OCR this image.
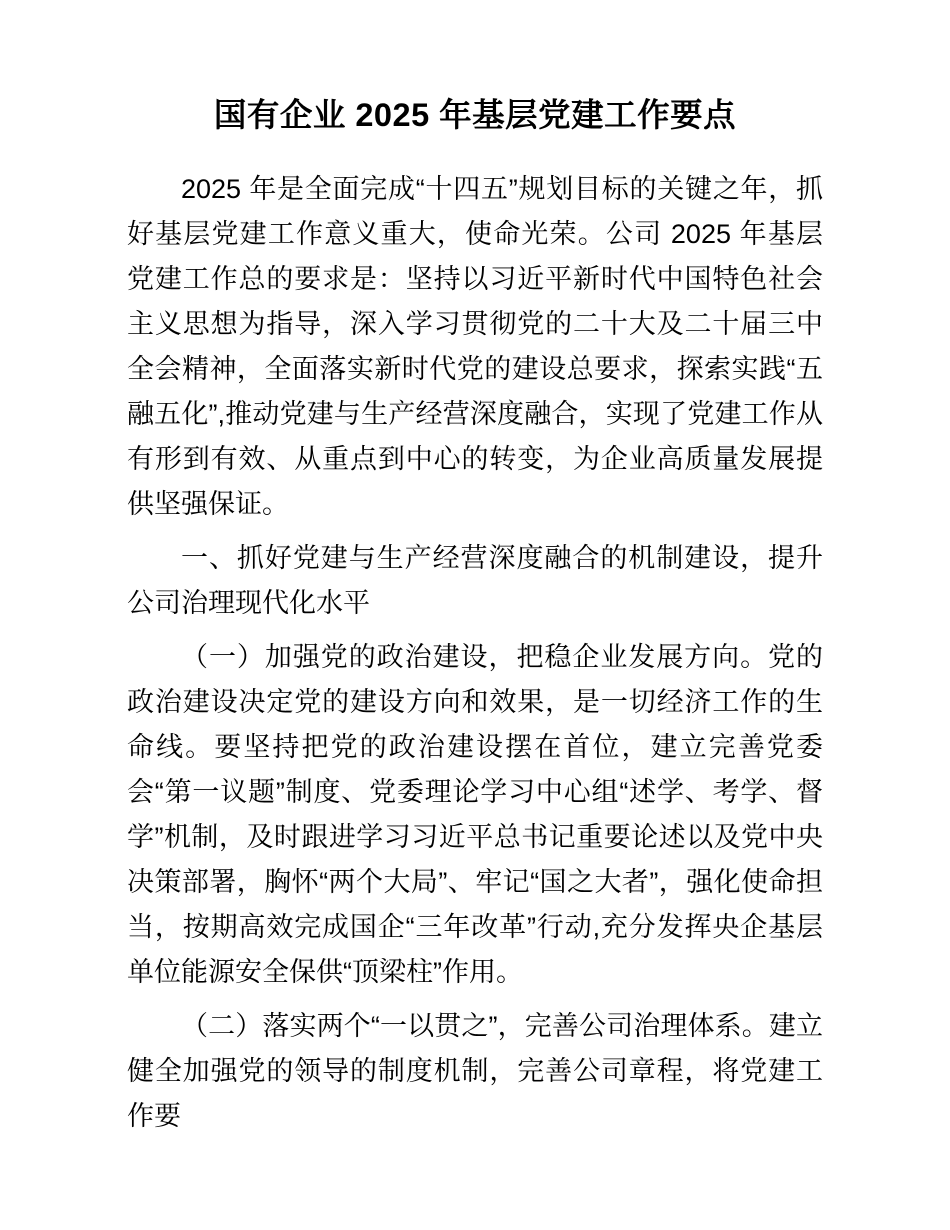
国有企业 2025 年基层党建工作要点

2025 年是全面完成“十四五”规划目标的关键之年，抓好基层党建工作意义重大，使命光荣。公司 2025 年基层党建工作总的要求是：坚持以习近平新时代中国特色社会主义思想为指导，深入学习贯彻党的二十大及二十届三中全会精神，全面落实新时代党的建设总要求，探索实践“五融五化”,推动党建与生产经营深度融合，实现了党建工作从有形到有效、从重点到中心的转变，为企业高质量发展提供坚强保证。

一、抓好党建与生产经营深度融合的机制建设，提升公司治理现代化水平

（一）加强党的政治建设，把稳企业发展方向。党的政治建设决定党的建设方向和效果，是一切经济工作的生命线。要坚持把党的政治建设摆在首位，建立完善党委会“第一议题”制度、党委理论学习中心组“述学、考学、督学”机制，及时跟进学习习近平总书记重要论述以及党中央决策部署，胸怀“两个大局”、牢记“国之大者”，强化使命担当，按期高效完成国企“三年改革”行动,充分发挥央企基层单位能源安全保供“顶梁柱”作用。

（二）落实两个“一以贯之”，完善公司治理体系。建立健全加强党的领导的制度机制，完善公司章程，将党建工作要
